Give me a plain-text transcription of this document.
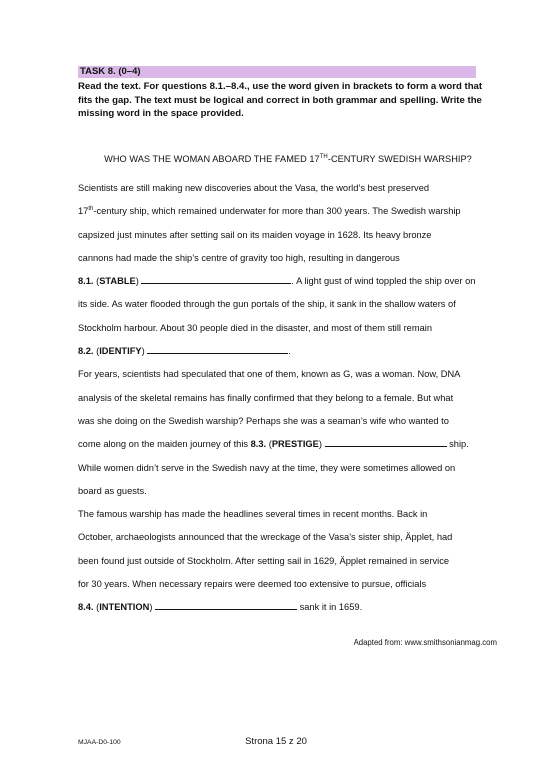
TASK 8. (0–4)

Read the text. For questions 8.1.–8.4., use the word given in brackets to form a word that fits the gap. The text must be logical and correct in both grammar and spelling. Write the missing word in the space provided.

WHO WAS THE WOMAN ABOARD THE FAMED 17TH-CENTURY SWEDISH WARSHIP?

Scientists are still making new discoveries about the Vasa, the world’s best preserved
17th-century ship, which remained underwater for more than 300 years. The Swedish warship
capsized just minutes after setting sail on its maiden voyage in 1628. Its heavy bronze
cannons had made the ship’s centre of gravity too high, resulting in dangerous
8.1. (STABLE)	. A light gust of wind toppled the ship over on
its side. As water flooded through the gun portals of the ship, it sank in the shallow waters of
Stockholm harbour. About 30 people died in the disaster, and most of them still remain
8.2. (IDENTIFY)	.
For years, scientists had speculated that one of them, known as G, was a woman. Now, DNA
analysis of the skeletal remains has finally confirmed that they belong to a female. But what
was she doing on the Swedish warship? Perhaps she was a seaman’s wife who wanted to
come along on the maiden journey of this 8.3. (PRESTIGE)	ship.
While women didn’t serve in the Swedish navy at the time, they were sometimes allowed on
board as guests.
The famous warship has made the headlines several times in recent months. Back in
October, archaeologists announced that the wreckage of the Vasa’s sister ship, Äpplet, had
been found just outside of Stockholm. After setting sail in 1629, Äpplet remained in service
for 30 years. When necessary repairs were deemed too extensive to pursue, officials
8.4. (INTENTION)	sank it in 1659.
Adapted from: www.smithsonianmag.com
MJAA-D0-100	Strona 15 z 20
